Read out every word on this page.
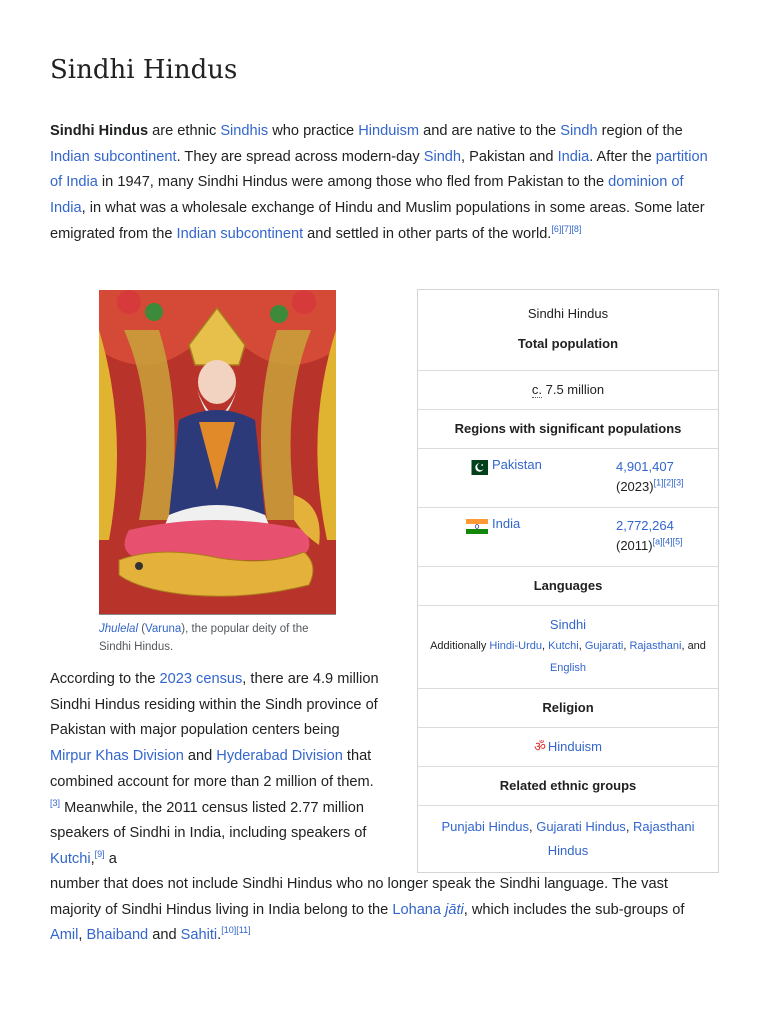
Sindhi Hindus

Sindhi Hindus are ethnic Sindhis who practice Hinduism and are native to the Sindh region of the Indian subcontinent. They are spread across modern-day Sindh, Pakistan and India. After the partition of India in 1947, many Sindhi Hindus were among those who fled from Pakistan to the dominion of India, in what was a wholesale exchange of Hindu and Muslim populations in some areas. Some later emigrated from the Indian subcontinent and settled in other parts of the world.[6][7][8]

Jhulelal (Varuna), the popular deity of the Sindhi Hindus.
Sindhi Hindus
Total population
c. 7.5 million
Regions with significant populations
Pakistan	4,901,407
(2023)[1][2][3]
India	2,772,264
(2011)[a][4][5]
Languages
Sindhi
Additionally Hindi-Urdu, Kutchi, Gujarati, Rajasthani, and English
Religion
ॐ Hinduism
Related ethnic groups
Punjabi Hindus, Gujarati Hindus, Rajasthani Hindus

According to the 2023 census, there are 4.9 million Sindhi Hindus residing within the Sindh province of Pakistan with major population centers being Mirpur Khas Division and Hyderabad Division that combined account for more than 2 million of them.[3] Meanwhile, the 2011 census listed 2.77 million speakers of Sindhi in India, including speakers of Kutchi,[9] a

number that does not include Sindhi Hindus who no longer speak the Sindhi language. The vast majority of Sindhi Hindus living in India belong to the Lohana jāti, which includes the sub-groups of Amil, Bhaiband and Sahiti.[10][11]
